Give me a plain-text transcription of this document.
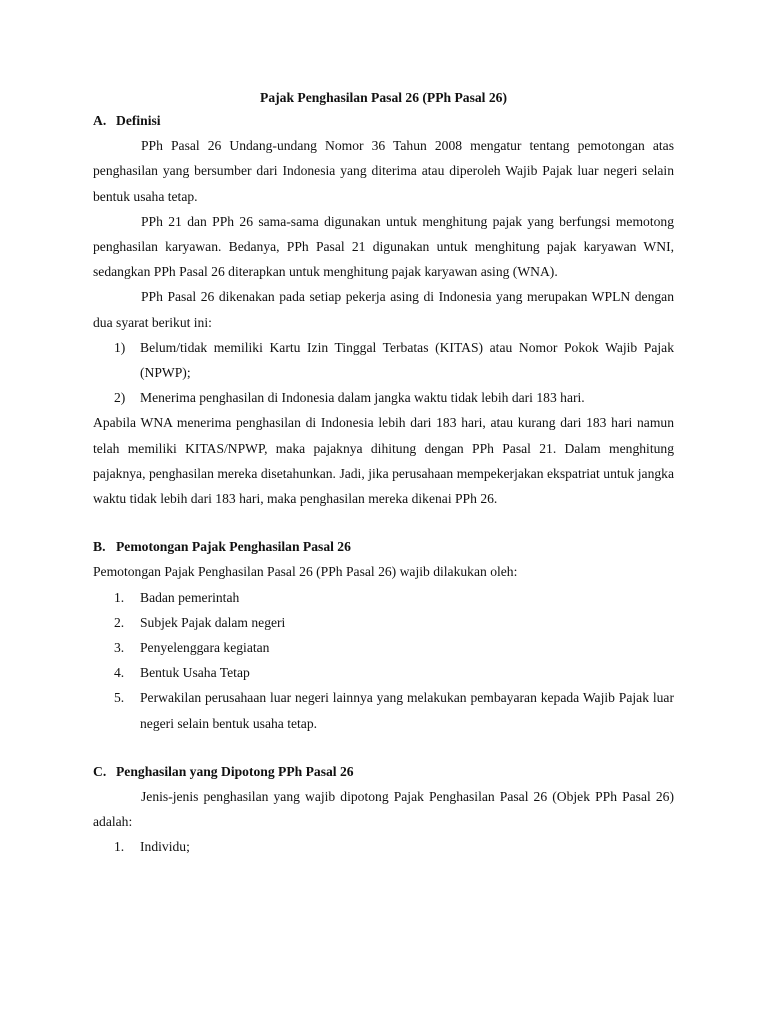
Pajak Penghasilan Pasal 26 (PPh Pasal 26)
A. Definisi

PPh Pasal 26 Undang-undang Nomor 36 Tahun 2008 mengatur tentang pemotongan atas penghasilan yang bersumber dari Indonesia yang diterima atau diperoleh Wajib Pajak luar negeri selain bentuk usaha tetap.

PPh 21 dan PPh 26 sama-sama digunakan untuk menghitung pajak yang berfungsi memotong penghasilan karyawan. Bedanya, PPh Pasal 21 digunakan untuk menghitung pajak karyawan WNI, sedangkan PPh Pasal 26 diterapkan untuk menghitung pajak karyawan asing (WNA).

PPh Pasal 26 dikenakan pada setiap pekerja asing di Indonesia yang merupakan WPLN dengan dua syarat berikut ini:

1)	Belum/tidak memiliki Kartu Izin Tinggal Terbatas (KITAS) atau Nomor Pokok Wajib Pajak (NPWP);
2)	Menerima penghasilan di Indonesia dalam jangka waktu tidak lebih dari 183 hari.

Apabila WNA menerima penghasilan di Indonesia lebih dari 183 hari, atau kurang dari 183 hari namun telah memiliki KITAS/NPWP, maka pajaknya dihitung dengan PPh Pasal 21. Dalam menghitung pajaknya, penghasilan mereka disetahunkan. Jadi, jika perusahaan mempekerjakan ekspatriat untuk jangka waktu tidak lebih dari 183 hari, maka penghasilan mereka dikenai PPh 26.

B. Pemotongan Pajak Penghasilan Pasal 26

Pemotongan Pajak Penghasilan Pasal 26 (PPh Pasal 26) wajib dilakukan oleh:

1.	Badan pemerintah
2.	Subjek Pajak dalam negeri
3.	Penyelenggara kegiatan
4.	Bentuk Usaha Tetap
5.	Perwakilan perusahaan luar negeri lainnya yang melakukan pembayaran kepada Wajib Pajak luar negeri selain bentuk usaha tetap.
C. Penghasilan yang Dipotong PPh Pasal 26

Jenis-jenis penghasilan yang wajib dipotong Pajak Penghasilan Pasal 26 (Objek PPh Pasal 26) adalah:

1.	Individu;
